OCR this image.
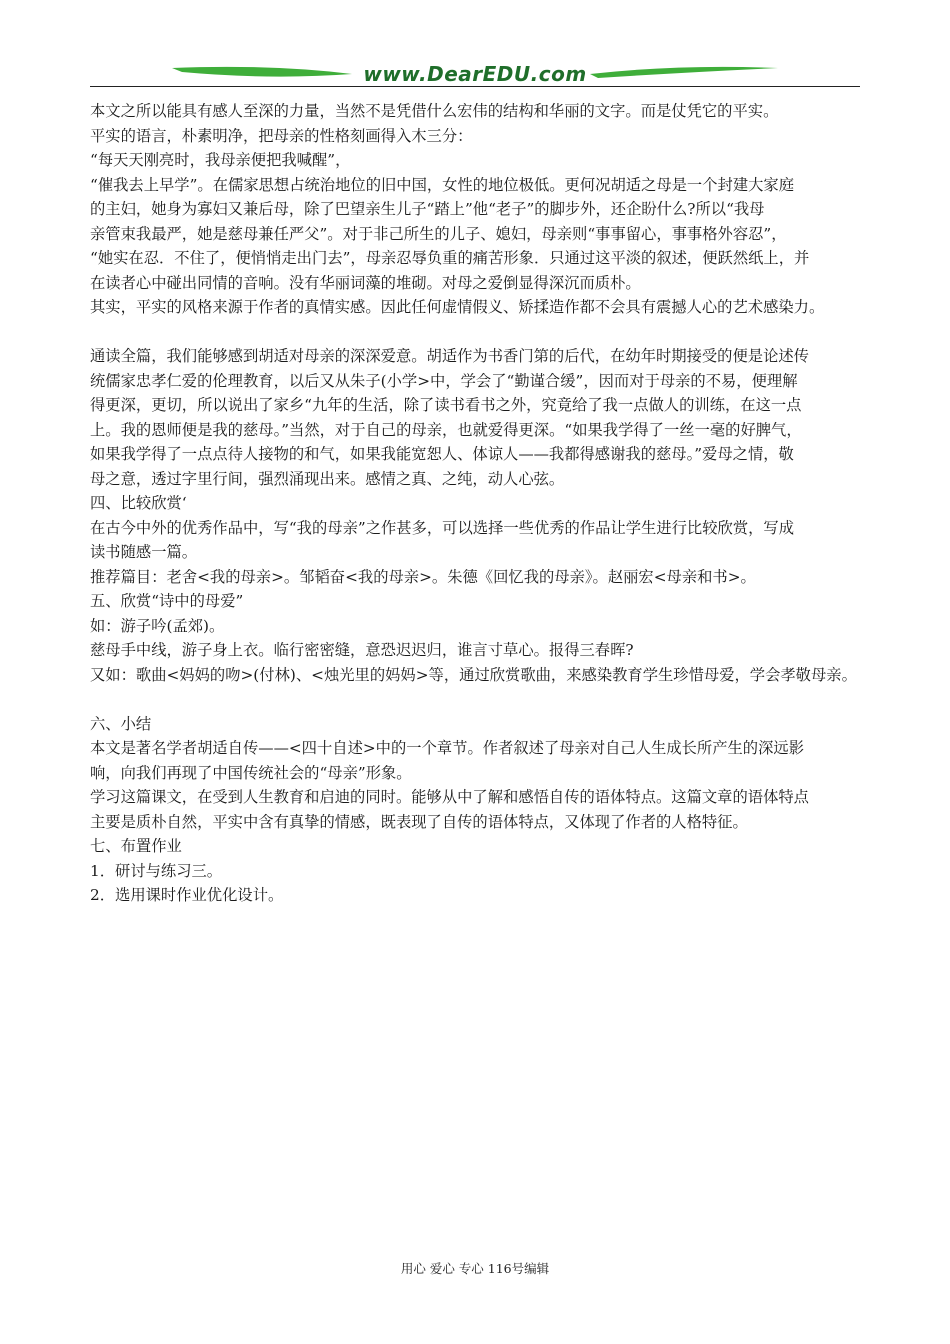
www.DearEDU.com
本文之所以能具有感人至深的力量，当然不是凭借什么宏伟的结构和华丽的文字。而是仗凭它的平实。
平实的语言，朴素明净，把母亲的性格刻画得入木三分：
“每天天刚亮时，我母亲便把我喊醒”，
“催我去上早学”。在儒家思想占统治地位的旧中国，女性的地位极低。更何况胡适之母是一个封建大家庭
的主妇，她身为寡妇又兼后母，除了巴望亲生儿子“踏上”他“老子”的脚步外，还企盼什么?所以“我母
亲管束我最严，她是慈母兼任严父”。对于非己所生的儿子、媳妇，母亲则“事事留心，事事格外容忍”，
“她实在忍．不住了，便悄悄走出门去”，母亲忍辱负重的痛苦形象．只通过这平淡的叙述，便跃然纸上，并
在读者心中碰出同情的音响。没有华丽词藻的堆砌。对母之爱倒显得深沉而质朴。
其实，平实的风格来源于作者的真情实感。因此任何虚情假义、矫揉造作都不会具有震撼人心的艺术感染力。
通读全篇，我们能够感到胡适对母亲的深深爱意。胡适作为书香门第的后代，在幼年时期接受的便是论述传
统儒家忠孝仁爱的伦理教育，以后又从朱子(小学>中，学会了“勤谨合缓”，因而对于母亲的不易，便理解
得更深，更切，所以说出了家乡“九年的生活，除了读书看书之外，究竟给了我一点做人的训练，在这一点
上。我的恩师便是我的慈母。”当然，对于自己的母亲，也就爱得更深。“如果我学得了一丝一毫的好脾气，
如果我学得了一点点待人接物的和气，如果我能宽恕人、体谅人——我都得感谢我的慈母。”爱母之情，敬
母之意，透过字里行间，强烈涌现出来。感情之真、之纯，动人心弦。
四、比较欣赏‘
在古今中外的优秀作品中，写“我的母亲”之作甚多，可以选择一些优秀的作品让学生进行比较欣赏，写成
读书随感一篇。
推荐篇目：老舍<我的母亲>。邹韬奋<我的母亲>。朱德《回忆我的母亲》。赵丽宏<母亲和书>。
五、欣赏“诗中的母爱”
如：游子吟(孟郊)。
慈母手中线，游子身上衣。临行密密缝，意恐迟迟归，谁言寸草心。报得三春晖?
又如：歌曲<妈妈的吻>(付林)、<烛光里的妈妈>等，通过欣赏歌曲，来感染教育学生珍惜母爱，学会孝敬母亲。
六、小结
本文是著名学者胡适自传——<四十自述>中的一个章节。作者叙述了母亲对自己人生成长所产生的深远影
响，向我们再现了中国传统社会的“母亲”形象。
学习这篇课文，在受到人生教育和启迪的同时。能够从中了解和感悟自传的语体特点。这篇文章的语体特点
主要是质朴自然，平实中含有真挚的情感，既表现了自传的语体特点，又体现了作者的人格特征。
七、布置作业
1．研讨与练习三。
2．选用课时作业优化设计。
用心 爱心 专心 116号编辑
